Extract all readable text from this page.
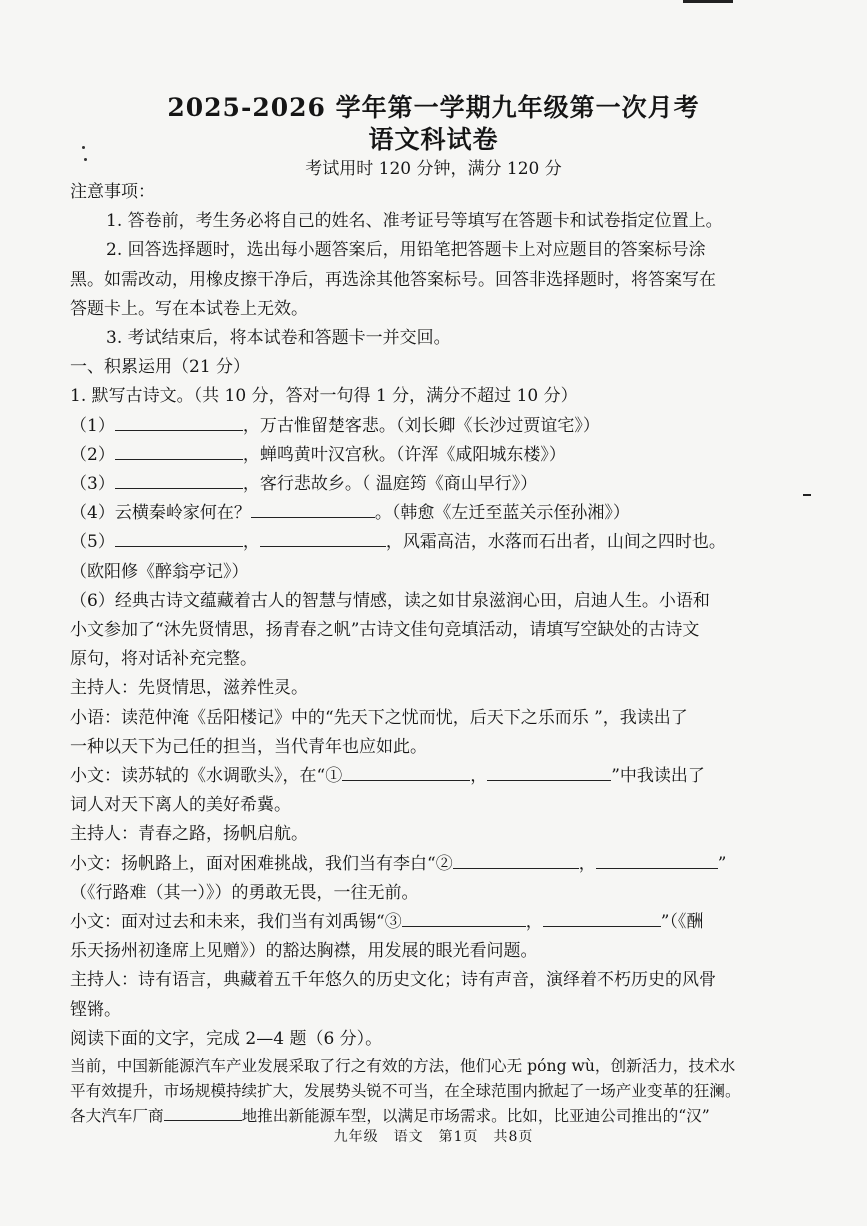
2025-2026 学年第一学期九年级第一次月考
语文科试卷
考试用时 120 分钟，满分 120 分

注意事项：

1. 答卷前，考生务必将自己的姓名、准考证号等填写在答题卡和试卷指定位置上。

2. 回答选择题时，选出每小题答案后，用铅笔把答题卡上对应题目的答案标号涂

黑。如需改动，用橡皮擦干净后，再选涂其他答案标号。回答非选择题时，将答案写在

答题卡上。写在本试卷上无效。

3. 考试结束后，将本试卷和答题卡一并交回。

一、积累运用（21 分）

1. 默写古诗文。（共 10 分，答对一句得 1 分，满分不超过 10 分）

（1）	，万古惟留楚客悲。（刘长卿《长沙过贾谊宅》）

（2）	，蝉鸣黄叶汉宫秋。（许浑《咸阳城东楼》）

（3）	，客行悲故乡。（ 温庭筠《商山早行》）

（4）云横秦岭家何在？	。（韩愈《左迁至蓝关示侄孙湘》）

（5）	，	，风霜高洁，水落而石出者，山间之四时也。

（欧阳修《醉翁亭记》）

（6）经典古诗文蕴藏着古人的智慧与情感，读之如甘泉滋润心田，启迪人生。小语和

小文参加了“沐先贤情思，扬青春之帆”古诗文佳句竞填活动，请填写空缺处的古诗文

原句，将对话补充完整。

主持人：先贤情思，滋养性灵。

小语：读范仲淹《岳阳楼记》中的“先天下之忧而忧，后天下之乐而乐 ”，我读出了

一种以天下为己任的担当，当代青年也应如此。

小文：读苏轼的《水调歌头》，在“①	，	”中我读出了

词人对天下离人的美好希冀。

主持人：青春之路，扬帆启航。

小文：扬帆路上，面对困难挑战，我们当有李白“②	，	”

（《行路难（其一）》）的勇敢无畏，一往无前。

小文：面对过去和未来，我们当有刘禹锡“③	，	”（《酬

乐天扬州初逢席上见赠》）的豁达胸襟，用发展的眼光看问题。

主持人：诗有语言，典藏着五千年悠久的历史文化；诗有声音，演绎着不朽历史的风骨

铿锵。

阅读下面的文字，完成 2—4 题（6 分）。

当前，中国新能源汽车产业发展采取了行之有效的方法，他们心无 póng wù，创新活力，技术水

平有效提升，市场规模持续扩大，发展势头锐不可当，在全球范围内掀起了一场产业变革的狂澜。

各大汽车厂商	地推出新能源车型，以满足市场需求。比如，比亚迪公司推出的“汉”

九年级　语文　第1页　共8页
